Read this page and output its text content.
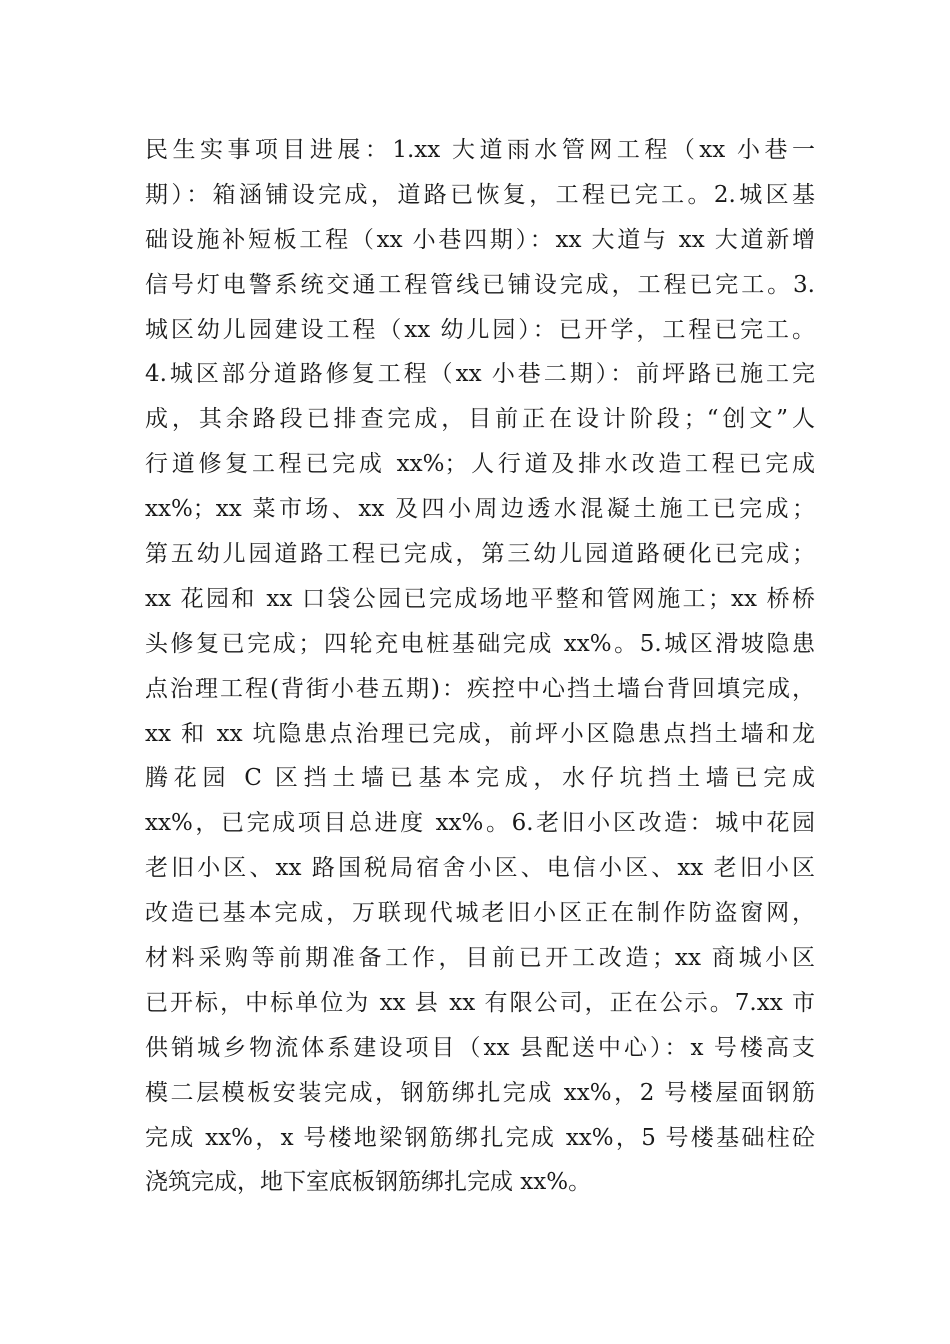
民生实事项目进展：1.xx 大道雨水管网工程（xx 小巷一
期）：箱涵铺设完成，道路已恢复，工程已完工。2.城区基
础设施补短板工程（xx 小巷四期）：xx 大道与 xx 大道新增
信号灯电警系统交通工程管线已铺设完成，工程已完工。3.
城区幼儿园建设工程（xx 幼儿园）：已开学，工程已完工。
4.城区部分道路修复工程（xx 小巷二期）：前坪路已施工完
成，其余路段已排查完成，目前正在设计阶段；“创文”人
行道修复工程已完成 xx%；人行道及排水改造工程已完成
xx%；xx 菜市场、xx 及四小周边透水混凝土施工已完成；
第五幼儿园道路工程已完成，第三幼儿园道路硬化已完成；
xx 花园和 xx 口袋公园已完成场地平整和管网施工；xx 桥桥
头修复已完成；四轮充电桩基础完成 xx%。5.城区滑坡隐患
点治理工程(背街小巷五期)：疾控中心挡土墙台背回填完成，
xx 和 xx 坑隐患点治理已完成，前坪小区隐患点挡土墙和龙
腾花园 C 区挡土墙已基本完成，水仔坑挡土墙已完成
xx%，已完成项目总进度 xx%。6.老旧小区改造：城中花园
老旧小区、xx 路国税局宿舍小区、电信小区、xx 老旧小区
改造已基本完成，万联现代城老旧小区正在制作防盗窗网，
材料采购等前期准备工作，目前已开工改造；xx 商城小区
已开标，中标单位为 xx 县 xx 有限公司，正在公示。7.xx 市
供销城乡物流体系建设项目（xx 县配送中心）：x 号楼高支
模二层模板安装完成，钢筋绑扎完成 xx%，2 号楼屋面钢筋
完成 xx%，x 号楼地梁钢筋绑扎完成 xx%，5 号楼基础柱砼
浇筑完成，地下室底板钢筋绑扎完成 xx%。
